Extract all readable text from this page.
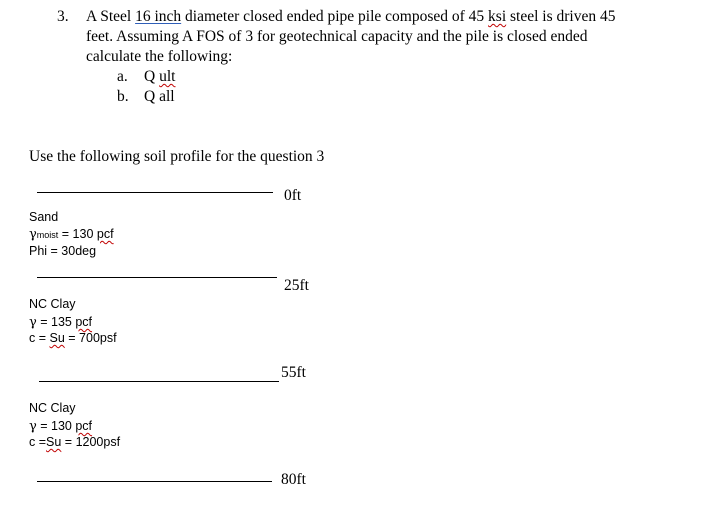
3. A Steel 16 inch diameter closed ended pipe pile composed of 45 ksi steel is driven 45
feet. Assuming A FOS of 3 for geotechnical capacity and the pile is closed ended
calculate the following:
a. Q ult
b. Q all
Use the following soil profile for the question 3
0ft
Sand
γmoist = 130 pcf
Phi = 30deg
25ft
NC Clay
γ = 135 pcf
c = Su = 700psf
55ft
NC Clay
γ = 130 pcf
c =Su = 1200psf
80ft
